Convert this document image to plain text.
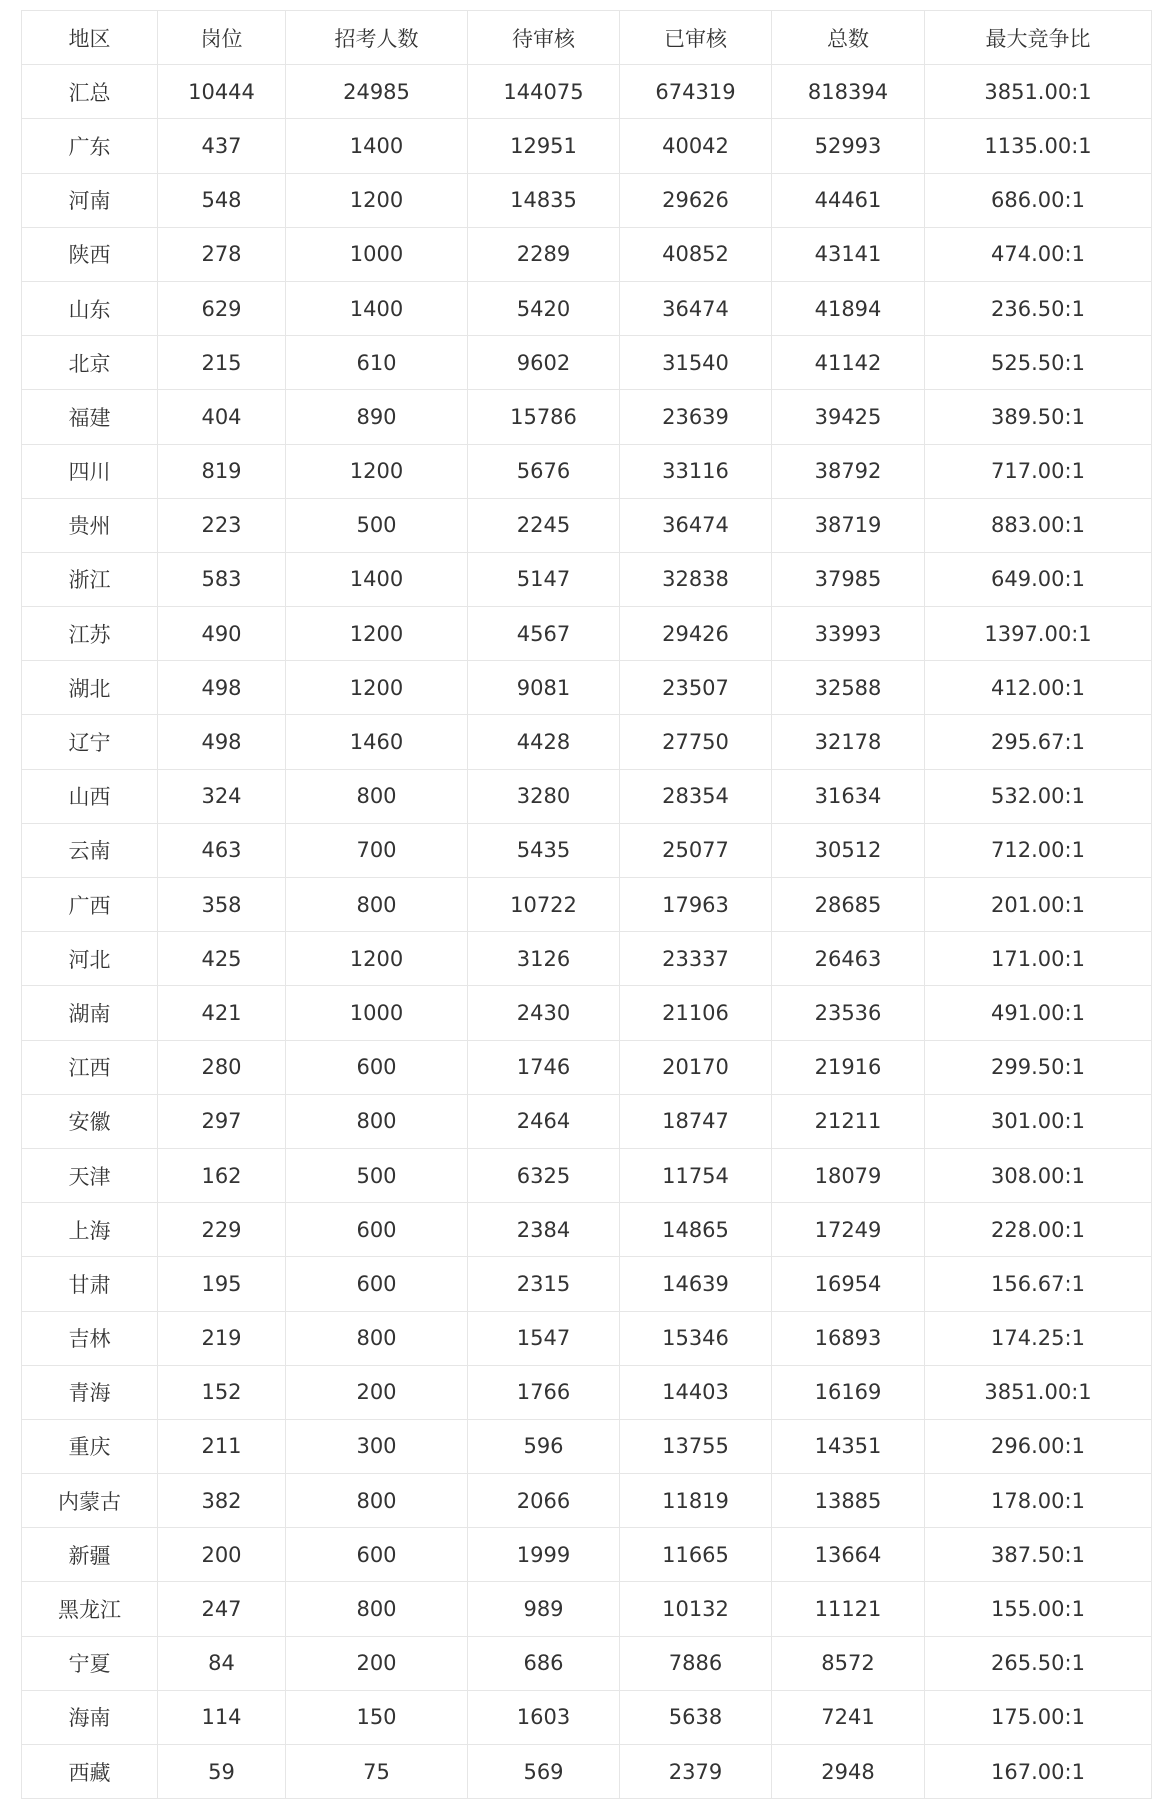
地区	岗位	招考人数	待审核	已审核	总数	最大竞争比
汇总	10444	24985	144075	674319	818394	3851.00:1
广东	437	1400	12951	40042	52993	1135.00:1
河南	548	1200	14835	29626	44461	686.00:1
陕西	278	1000	2289	40852	43141	474.00:1
山东	629	1400	5420	36474	41894	236.50:1
北京	215	610	9602	31540	41142	525.50:1
福建	404	890	15786	23639	39425	389.50:1
四川	819	1200	5676	33116	38792	717.00:1
贵州	223	500	2245	36474	38719	883.00:1
浙江	583	1400	5147	32838	37985	649.00:1
江苏	490	1200	4567	29426	33993	1397.00:1
湖北	498	1200	9081	23507	32588	412.00:1
辽宁	498	1460	4428	27750	32178	295.67:1
山西	324	800	3280	28354	31634	532.00:1
云南	463	700	5435	25077	30512	712.00:1
广西	358	800	10722	17963	28685	201.00:1
河北	425	1200	3126	23337	26463	171.00:1
湖南	421	1000	2430	21106	23536	491.00:1
江西	280	600	1746	20170	21916	299.50:1
安徽	297	800	2464	18747	21211	301.00:1
天津	162	500	6325	11754	18079	308.00:1
上海	229	600	2384	14865	17249	228.00:1
甘肃	195	600	2315	14639	16954	156.67:1
吉林	219	800	1547	15346	16893	174.25:1
青海	152	200	1766	14403	16169	3851.00:1
重庆	211	300	596	13755	14351	296.00:1
内蒙古	382	800	2066	11819	13885	178.00:1
新疆	200	600	1999	11665	13664	387.50:1
黑龙江	247	800	989	10132	11121	155.00:1
宁夏	84	200	686	7886	8572	265.50:1
海南	114	150	1603	5638	7241	175.00:1
西藏	59	75	569	2379	2948	167.00:1
